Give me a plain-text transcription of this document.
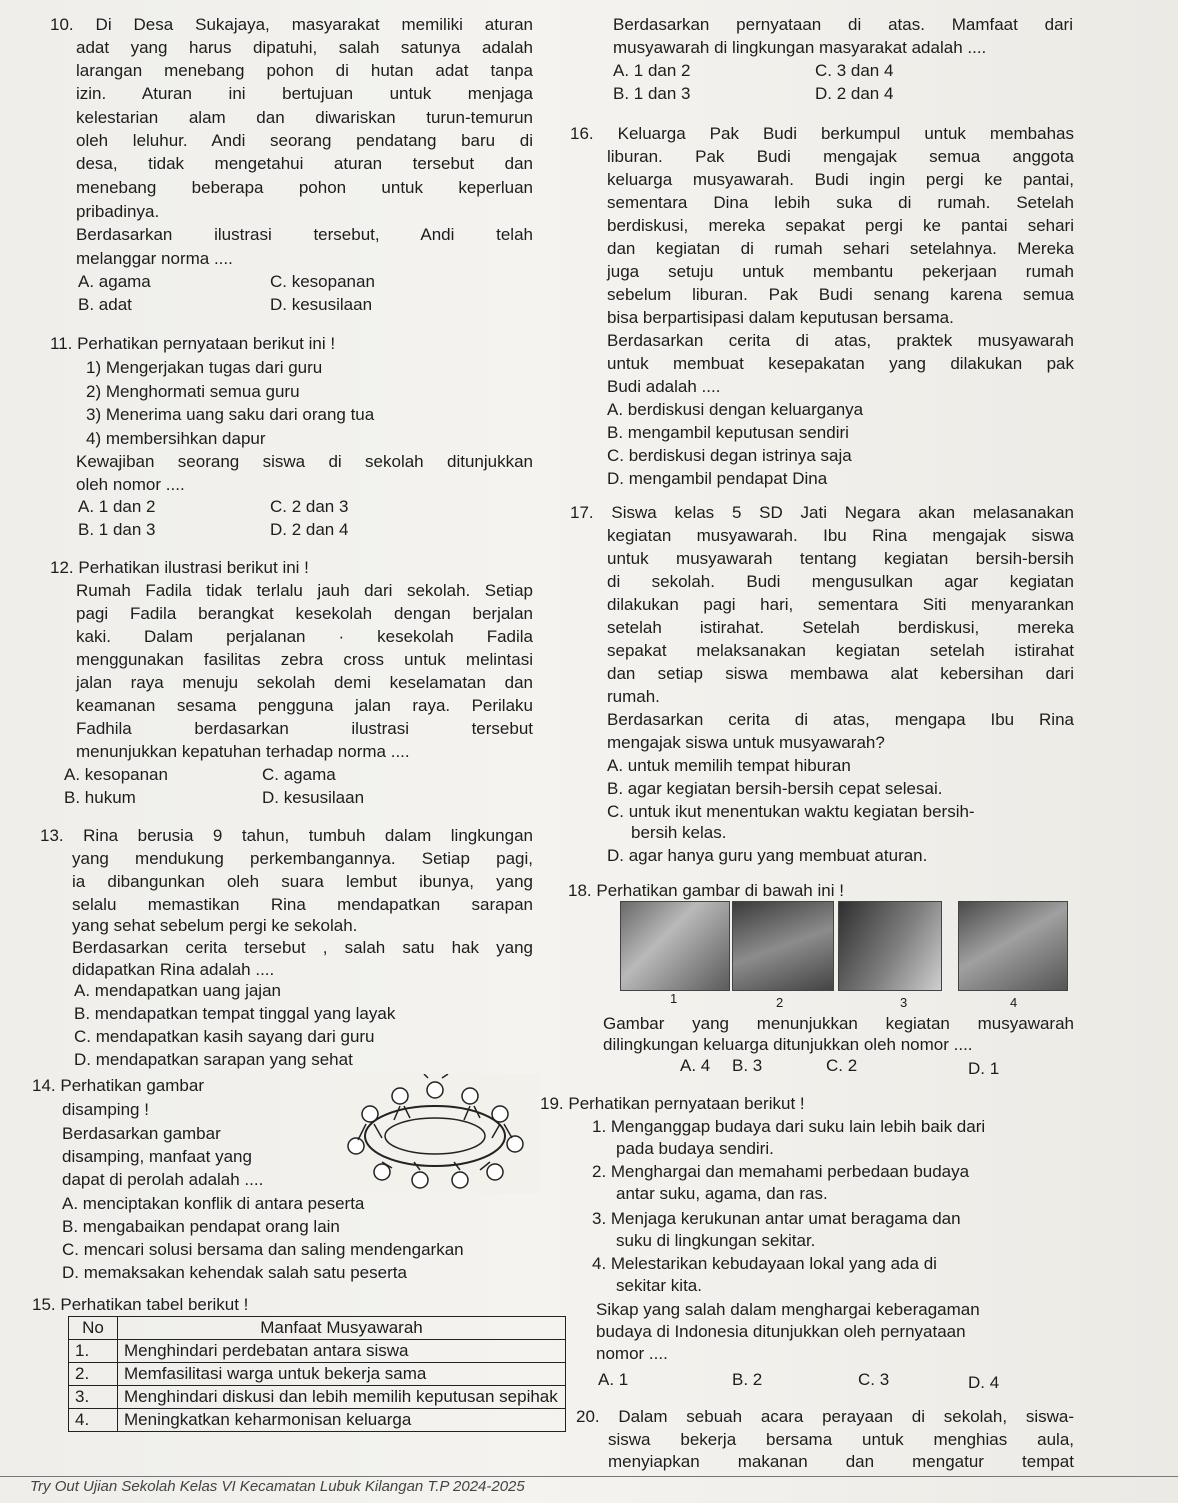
10. Di Desa Sukajaya, masyarakat memiliki aturan
adat yang harus dipatuhi, salah satunya adalah
larangan menebang pohon di hutan adat tanpa
izin. Aturan ini bertujuan untuk menjaga
kelestarian alam dan diwariskan turun-temurun
oleh leluhur. Andi seorang pendatang baru di
desa, tidak mengetahui aturan tersebut dan
menebang beberapa pohon untuk keperluan
pribadinya.
Berdasarkan ilustrasi tersebut, Andi telah
melanggar norma ....
A. agama
B. adat
C. kesopanan
D. kesusilaan
11. Perhatikan pernyataan berikut ini !
1) Mengerjakan tugas dari guru
2) Menghormati semua guru
3) Menerima uang saku dari orang tua
4) membersihkan dapur
Kewajiban seorang siswa di sekolah ditunjukkan
oleh nomor ....
A. 1 dan 2
B. 1 dan 3
C. 2 dan 3
D. 2 dan 4
12. Perhatikan ilustrasi berikut ini !
Rumah Fadila tidak terlalu jauh dari sekolah. Setiap
pagi Fadila berangkat kesekolah dengan berjalan
kaki. Dalam perjalanan · kesekolah Fadila
menggunakan fasilitas zebra cross untuk melintasi
jalan raya menuju sekolah demi keselamatan dan
keamanan sesama pengguna jalan raya. Perilaku
Fadhila berdasarkan ilustrasi tersebut
menunjukkan kepatuhan terhadap norma ....
A. kesopanan
B. hukum
C. agama
D. kesusilaan
13. Rina berusia 9 tahun, tumbuh dalam lingkungan
yang mendukung perkembangannya. Setiap pagi,
ia dibangunkan oleh suara lembut ibunya, yang
selalu memastikan Rina mendapatkan sarapan
yang sehat sebelum pergi ke sekolah.
Berdasarkan cerita tersebut , salah satu hak yang
didapatkan Rina adalah ....
A. mendapatkan uang jajan
B. mendapatkan tempat tinggal yang layak
C. mendapatkan kasih sayang dari guru
D. mendapatkan sarapan yang sehat
14. Perhatikan gambar
disamping !
Berdasarkan gambar
disamping, manfaat yang
dapat di perolah adalah ....
A. menciptakan konflik di antara peserta
B. mengabaikan pendapat orang lain
C. mencari solusi bersama dan saling mendengarkan
D. memaksakan kehendak salah satu peserta
15. Perhatikan tabel berikut !
No	Manfaat Musyawarah
1.	Menghindari perdebatan antara siswa
2.	Memfasilitasi warga untuk bekerja sama
3.	Menghindari diskusi dan lebih memilih keputusan sepihak
4.	Meningkatkan keharmonisan keluarga
Berdasarkan pernyataan di atas. Mamfaat dari
musyawarah di lingkungan masyarakat adalah ....
A. 1 dan 2
B. 1 dan 3
C. 3 dan 4
D. 2 dan 4
16. Keluarga Pak Budi berkumpul untuk membahas
liburan. Pak Budi mengajak semua anggota
keluarga musyawarah. Budi ingin pergi ke pantai,
sementara Dina lebih suka di rumah. Setelah
berdiskusi, mereka sepakat pergi ke pantai sehari
dan kegiatan di rumah sehari setelahnya. Mereka
juga setuju untuk membantu pekerjaan rumah
sebelum liburan. Pak Budi senang karena semua
bisa berpartisipasi dalam keputusan bersama.
Berdasarkan cerita di atas, praktek musyawarah
untuk membuat kesepakatan yang dilakukan pak
Budi adalah ....
A. berdiskusi dengan keluarganya
B. mengambil keputusan sendiri
C. berdiskusi degan istrinya saja
D. mengambil pendapat Dina
17. Siswa kelas 5 SD Jati Negara akan melasanakan
kegiatan musyawarah. Ibu Rina mengajak siswa
untuk musyawarah tentang kegiatan bersih-bersih
di sekolah. Budi mengusulkan agar kegiatan
dilakukan pagi hari, sementara Siti menyarankan
setelah istirahat. Setelah berdiskusi, mereka
sepakat melaksanakan kegiatan setelah istirahat
dan setiap siswa membawa alat kebersihan dari
rumah.
Berdasarkan cerita di atas, mengapa Ibu Rina
mengajak siswa untuk musyawarah?
A. untuk memilih tempat hiburan
B. agar kegiatan bersih-bersih cepat selesai.
C. untuk ikut menentukan waktu kegiatan bersih-
bersih kelas.
D. agar hanya guru yang membuat aturan.
18. Perhatikan gambar di bawah ini !
1	2	3	4
Gambar yang menunjukkan kegiatan musyawarah
dilingkungan keluarga ditunjukkan oleh nomor ....
A. 4 B. 3	C. 2	D. 1
19. Perhatikan pernyataan berikut !
1. Menganggap budaya dari suku lain lebih baik dari
pada budaya sendiri.
2. Menghargai dan memahami perbedaan budaya
antar suku, agama, dan ras.
3. Menjaga kerukunan antar umat beragama dan
suku di lingkungan sekitar.
4. Melestarikan kebudayaan lokal yang ada di
sekitar kita.
Sikap yang salah dalam menghargai keberagaman
budaya di Indonesia ditunjukkan oleh pernyataan
nomor ....
A. 1	B. 2	C. 3	D. 4
20. Dalam sebuah acara perayaan di sekolah, siswa-
siswa bekerja bersama untuk menghias aula,
menyiapkan makanan dan mengatur tempat
Try Out Ujian Sekolah Kelas VI Kecamatan Lubuk Kilangan T.P 2024-2025
